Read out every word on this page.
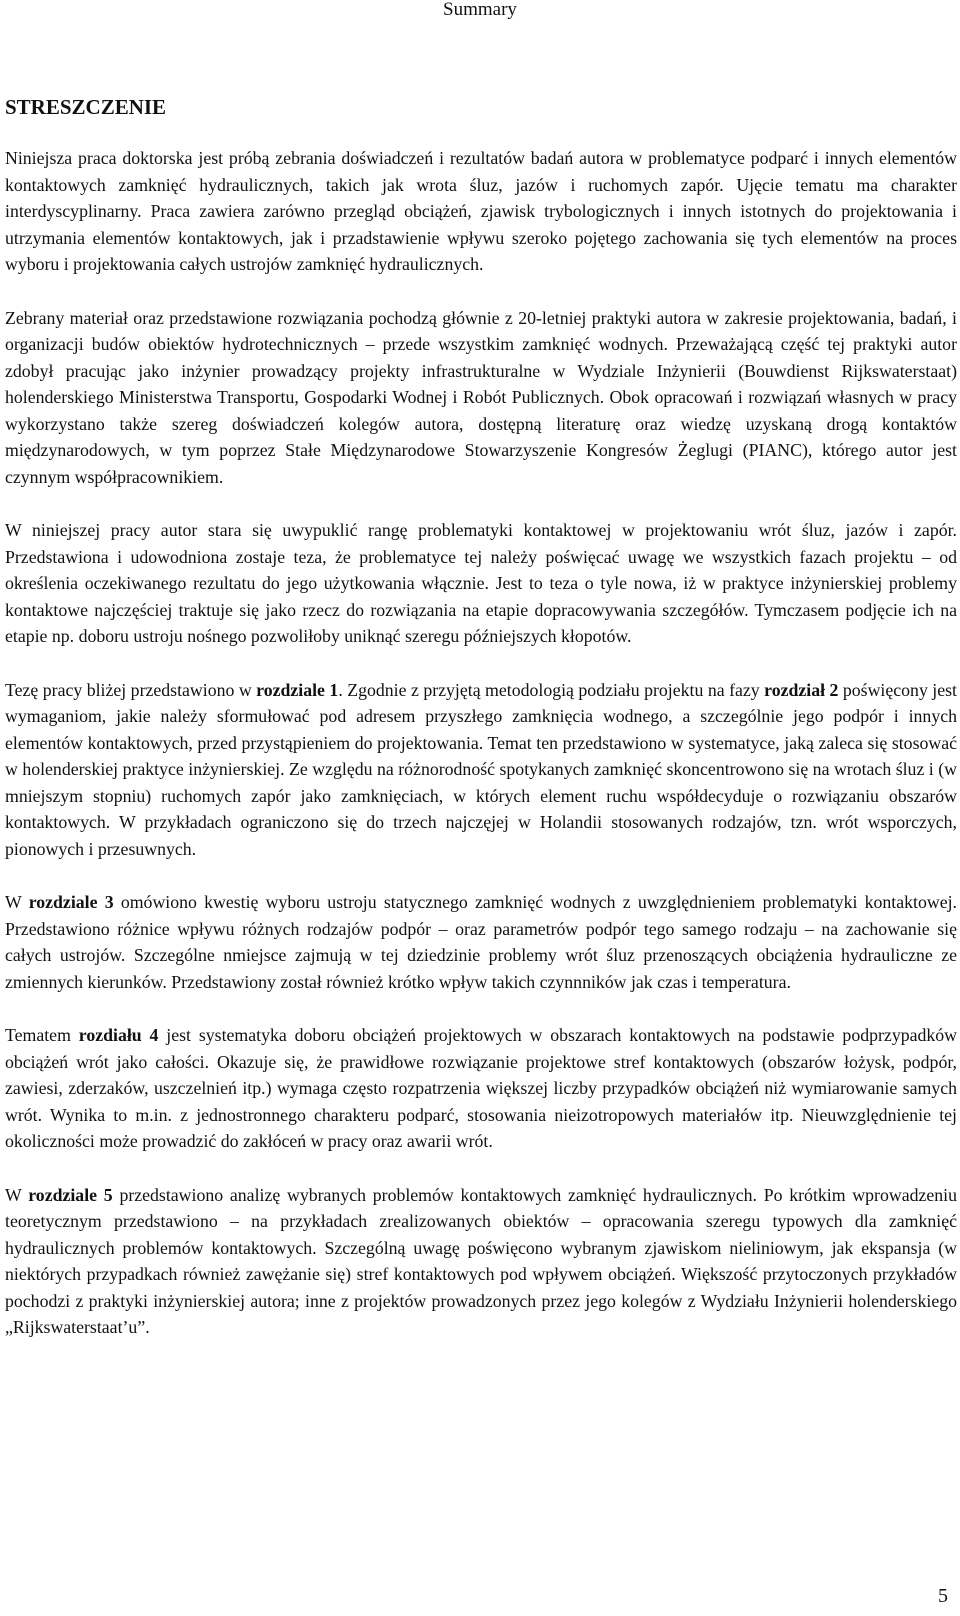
Summary
STRESZCZENIE

Niniejsza praca doktorska jest próbą zebrania doświadczeń i rezultatów badań autora w problematyce podparć i innych elementów kontaktowych zamknięć hydraulicznych, takich jak wrota śluz, jazów i ruchomych zapór. Ujęcie tematu ma charakter interdyscyplinarny. Praca zawiera zarówno przegląd obciążeń, zjawisk trybologicznych i innych istotnych do projektowania i utrzymania elementów kontaktowych, jak i przadstawienie wpływu szeroko pojętego zachowania się tych elementów na proces wyboru i projektowania całych ustrojów zamknięć hydraulicznych.

Zebrany materiał oraz przedstawione rozwiązania pochodzą głównie z 20-letniej praktyki autora w zakresie projektowania, badań, i organizacji budów obiektów hydrotechnicznych – przede wszystkim zamknięć wodnych. Przeważającą część tej praktyki autor zdobył pracując jako inżynier prowadzący projekty infrastrukturalne w Wydziale Inżynierii (Bouwdienst Rijkswaterstaat) holenderskiego Ministerstwa Transportu, Gospodarki Wodnej i Robót Publicznych. Obok opracowań i rozwiązań własnych w pracy wykorzystano także szereg doświadczeń kolegów autora, dostępną literaturę oraz wiedzę uzyskaną drogą kontaktów międzynarodowych, w tym poprzez Stałe Międzynarodowe Stowarzyszenie Kongresów Żeglugi (PIANC), którego autor jest czynnym współpracownikiem.

W niniejszej pracy autor stara się uwypuklić rangę problematyki kontaktowej w projektowaniu wrót śluz, jazów i zapór. Przedstawiona i udowodniona zostaje teza, że problematyce tej należy poświęcać uwagę we wszystkich fazach projektu – od określenia oczekiwanego rezultatu do jego użytkowania włącznie. Jest to teza o tyle nowa, iż w praktyce inżynierskiej problemy kontaktowe najczęściej traktuje się jako rzecz do rozwiązania na etapie dopracowywania szczegółów. Tymczasem podjęcie ich na etapie np. doboru ustroju nośnego pozwoliłoby uniknąć szeregu późniejszych kłopotów.

Tezę pracy bliżej przedstawiono w rozdziale 1. Zgodnie z przyjętą metodologią podziału projektu na fazy rozdział 2 poświęcony jest wymaganiom, jakie należy sformułować pod adresem przyszłego zamknięcia wodnego, a szczególnie jego podpór i innych elementów kontaktowych, przed przystąpieniem do projektowania. Temat ten przedstawiono w systematyce, jaką zaleca się stosować w holenderskiej praktyce inżynierskiej. Ze względu na różnorodność spotykanych zamknięć skoncentrowono się na wrotach śluz i (w mniejszym stopniu) ruchomych zapór jako zamknięciach, w których element ruchu współdecyduje o rozwiązaniu obszarów kontaktowych. W przykładach ograniczono się do trzech najczęjej w Holandii stosowanych rodzajów, tzn. wrót wsporczych, pionowych i przesuwnych.

W rozdziale 3 omówiono kwestię wyboru ustroju statycznego zamknięć wodnych z uwzględnieniem problematyki kontaktowej. Przedstawiono różnice wpływu różnych rodzajów podpór – oraz parametrów podpór tego samego rodzaju – na zachowanie się całych ustrojów. Szczególne nmiejsce zajmują w tej dziedzinie problemy wrót śluz przenoszących obciążenia hydrauliczne ze zmiennych kierunków. Przedstawiony został również krótko wpływ takich czynnników jak czas i temperatura.

Tematem rozdiału 4 jest systematyka doboru obciążeń projektowych w obszarach kontaktowych na podstawie podprzypadków obciążeń wrót jako całości. Okazuje się, że prawidłowe rozwiązanie projektowe stref kontaktowych (obszarów łożysk, podpór, zawiesi, zderzaków, uszczelnień itp.) wymaga często rozpatrzenia większej liczby przypadków obciążeń niż wymiarowanie samych wrót. Wynika to m.in. z jednostronnego charakteru podparć, stosowania nieizotropowych materiałów itp. Nieuwzględnienie tej okoliczności może prowadzić do zakłóceń w pracy oraz awarii wrót.

W rozdziale 5 przedstawiono analizę wybranych problemów kontaktowych zamknięć hydraulicznych. Po krótkim wprowadzeniu teoretycznym przedstawiono – na przykładach zrealizowanych obiektów – opracowania szeregu typowych dla zamknięć hydraulicznych problemów kontaktowych. Szczególną uwagę poświęcono wybranym zjawiskom nieliniowym, jak ekspansja (w niektórych przypadkach również zawężanie się) stref kontaktowych pod wpływem obciążeń. Większość przytoczonych przykładów pochodzi z praktyki inżynierskiej autora; inne z projektów prowadzonych przez jego kolegów z Wydziału Inżynierii holenderskiego „Rijkswaterstaat’u”.

5
